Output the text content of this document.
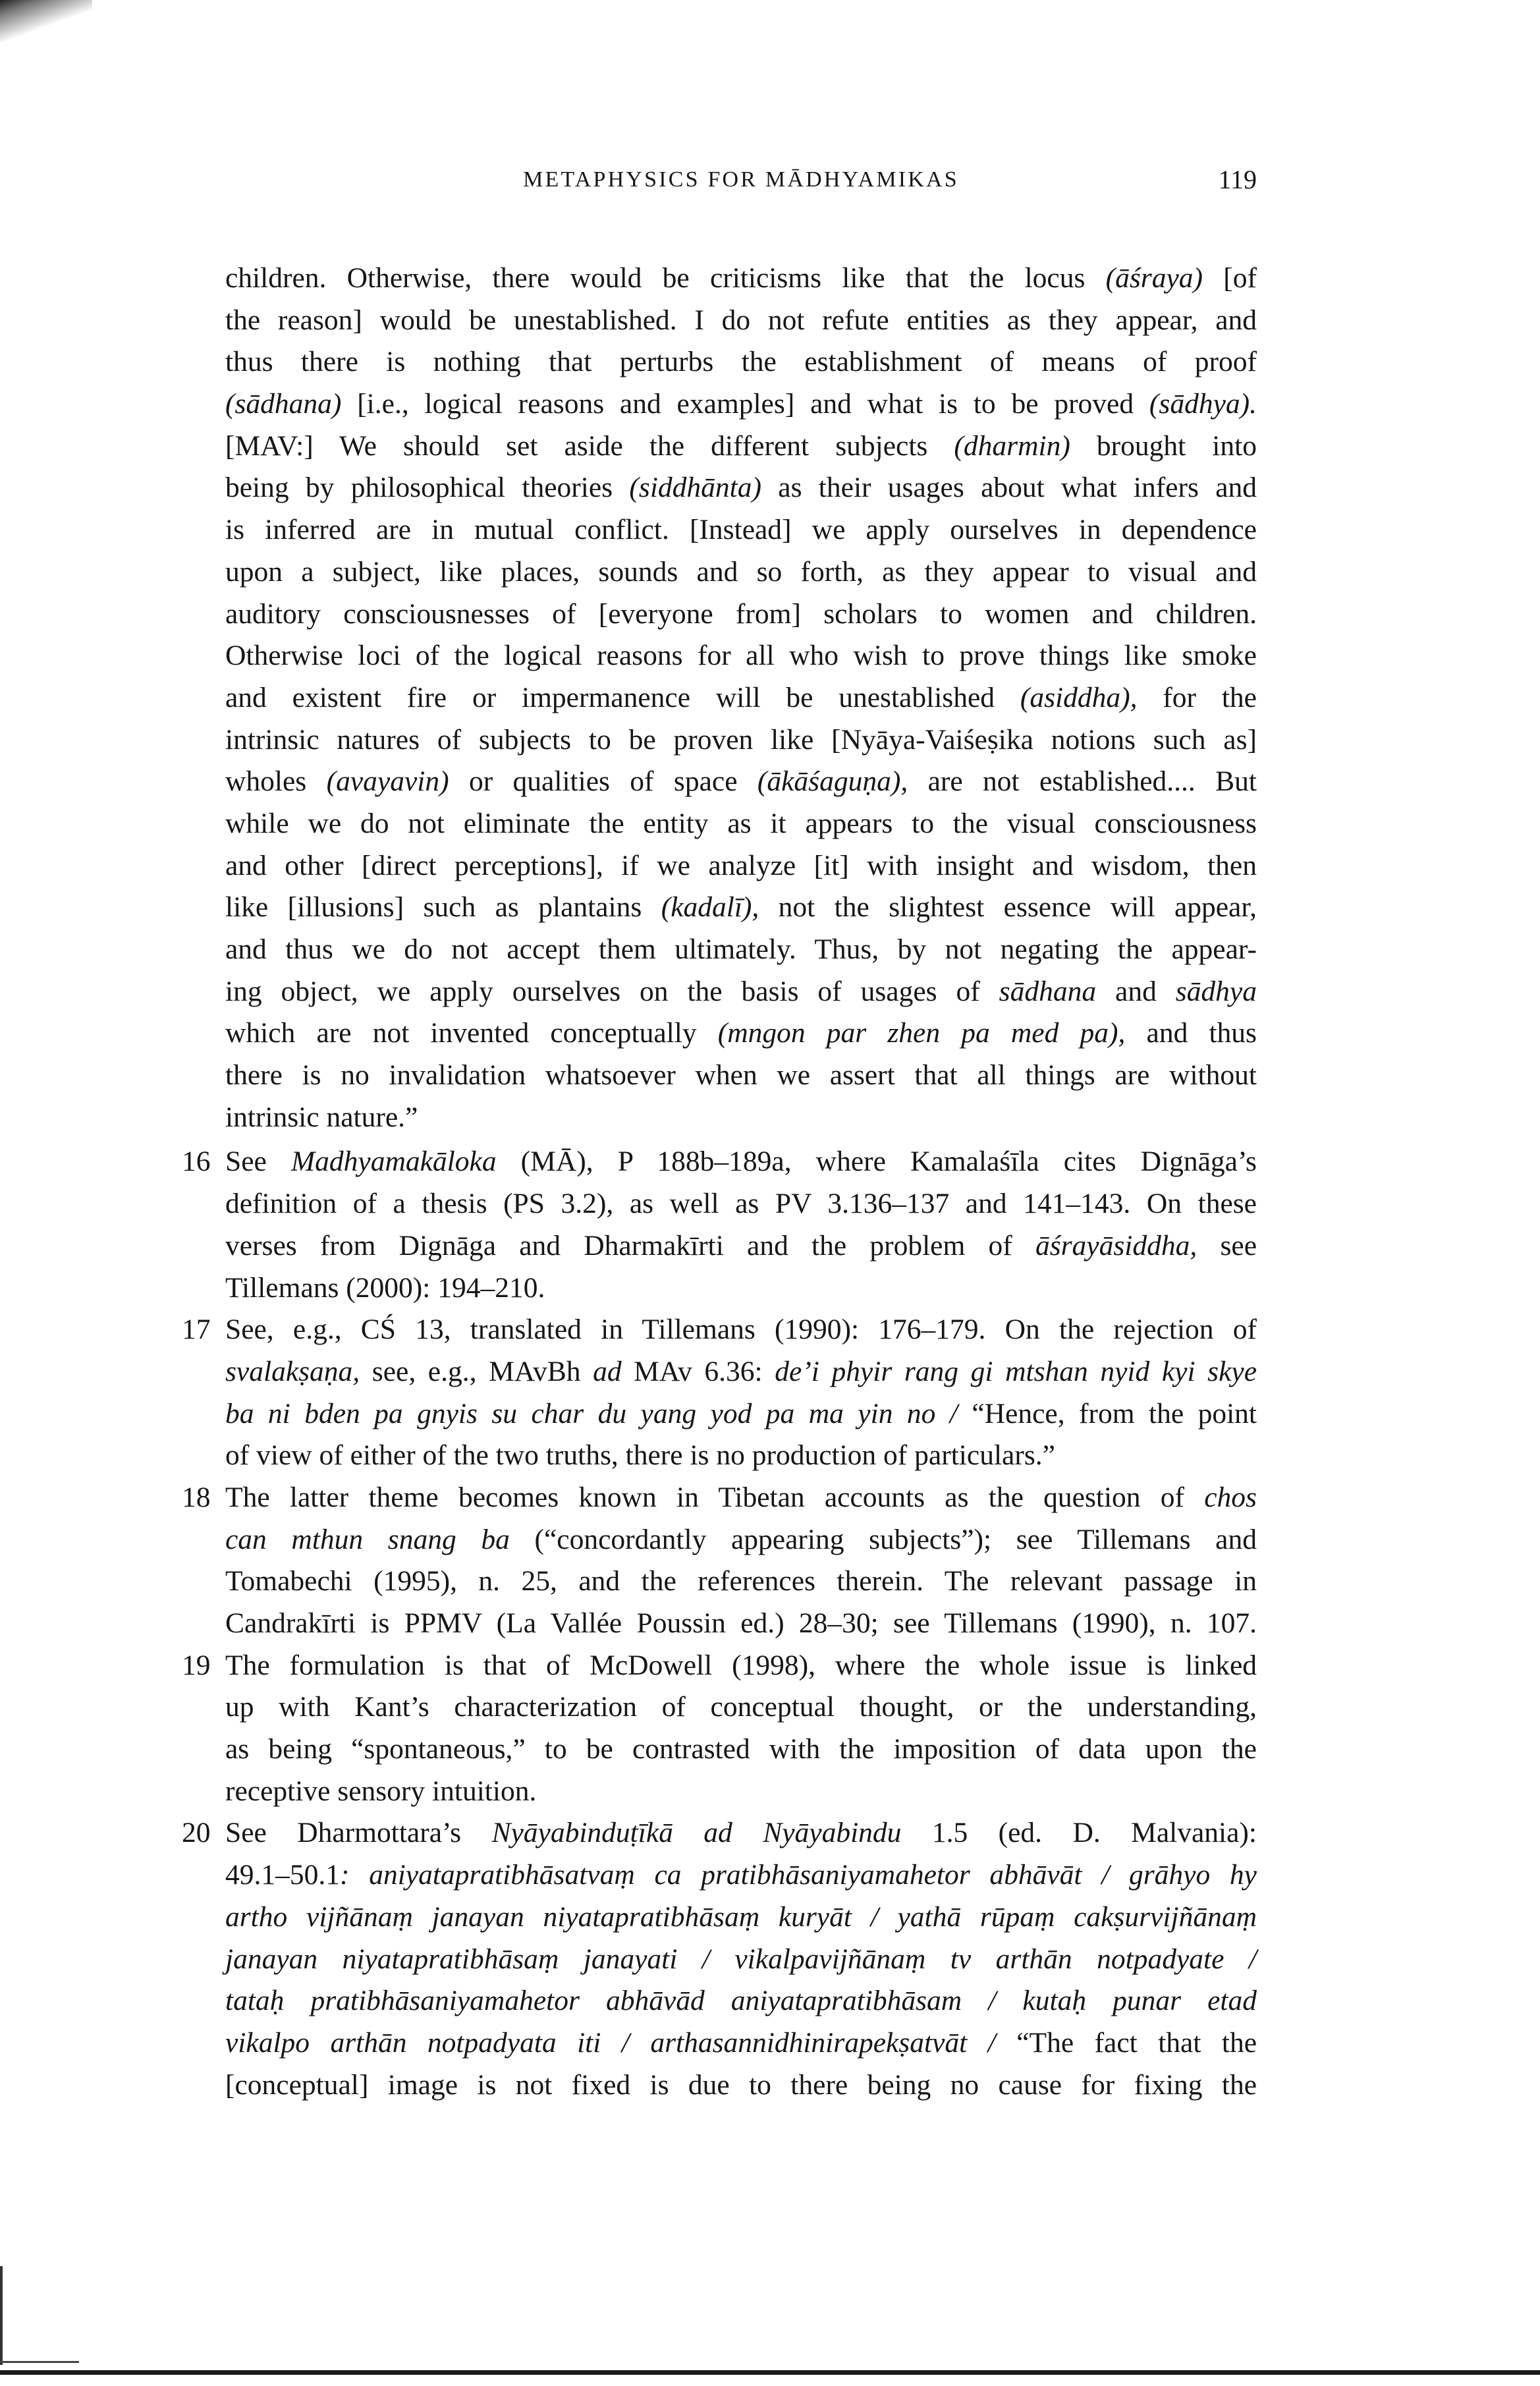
METAPHYSICS FOR MĀDHYAMIKAS	119
children. Otherwise, there would be criticisms like that the locus (āśraya) [of
the reason] would be unestablished. I do not refute entities as they appear, and
thus there is nothing that perturbs the establishment of means of proof
(sādhana) [i.e., logical reasons and examples] and what is to be proved (sādhya).
[MAV:] We should set aside the different subjects (dharmin) brought into
being by philosophical theories (siddhānta) as their usages about what infers and
is inferred are in mutual conflict. [Instead] we apply ourselves in dependence
upon a subject, like places, sounds and so forth, as they appear to visual and
auditory consciousnesses of [everyone from] scholars to women and children.
Otherwise loci of the logical reasons for all who wish to prove things like smoke
and existent fire or impermanence will be unestablished (asiddha), for the
intrinsic natures of subjects to be proven like [Nyāya-Vaiśeṣika notions such as]
wholes (avayavin) or qualities of space (ākāśaguṇa), are not established.... But
while we do not eliminate the entity as it appears to the visual consciousness
and other [direct perceptions], if we analyze [it] with insight and wisdom, then
like [illusions] such as plantains (kadalī), not the slightest essence will appear,
and thus we do not accept them ultimately. Thus, by not negating the appear-
ing object, we apply ourselves on the basis of usages of sādhana and sādhya
which are not invented conceptually (mngon par zhen pa med pa), and thus
there is no invalidation whatsoever when we assert that all things are without
intrinsic nature.”
16 See Madhyamakāloka (MĀ), P 188b–189a, where Kamalaśīla cites Dignāga’s
definition of a thesis (PS 3.2), as well as PV 3.136–137 and 141–143. On these
verses from Dignāga and Dharmakīrti and the problem of āśrayāsiddha, see
Tillemans (2000): 194–210.
17 See, e.g., CŚ 13, translated in Tillemans (1990): 176–179. On the rejection of
svalakṣaṇa, see, e.g., MAvBh ad MAv 6.36: de’i phyir rang gi mtshan nyid kyi skye
ba ni bden pa gnyis su char du yang yod pa ma yin no / “Hence, from the point
of view of either of the two truths, there is no production of particulars.”
18 The latter theme becomes known in Tibetan accounts as the question of chos
can mthun snang ba (“concordantly appearing subjects”); see Tillemans and
Tomabechi (1995), n. 25, and the references therein. The relevant passage in
Candrakīrti is PPMV (La Vallée Poussin ed.) 28–30; see Tillemans (1990), n. 107.
19 The formulation is that of McDowell (1998), where the whole issue is linked
up with Kant’s characterization of conceptual thought, or the understanding,
as being “spontaneous,” to be contrasted with the imposition of data upon the
receptive sensory intuition.
20 See Dharmottara’s Nyāyabinduṭīkā ad Nyāyabindu 1.5 (ed. D. Malvania):
49.1–50.1: aniyatapratibhāsatvaṃ ca pratibhāsaniyamahetor abhāvāt / grāhyo hy
artho vijñānaṃ janayan niyatapratibhāsaṃ kuryāt / yathā rūpaṃ cakṣurvijñānaṃ
janayan niyatapratibhāsaṃ janayati / vikalpavijñānaṃ tv arthān notpadyate /
tataḥ pratibhāsaniyamahetor abhāvād aniyatapratibhāsam / kutaḥ punar etad
vikalpo arthān notpadyata iti / arthasannidhinirapekṣatvāt / “The fact that the
[conceptual] image is not fixed is due to there being no cause for fixing the
